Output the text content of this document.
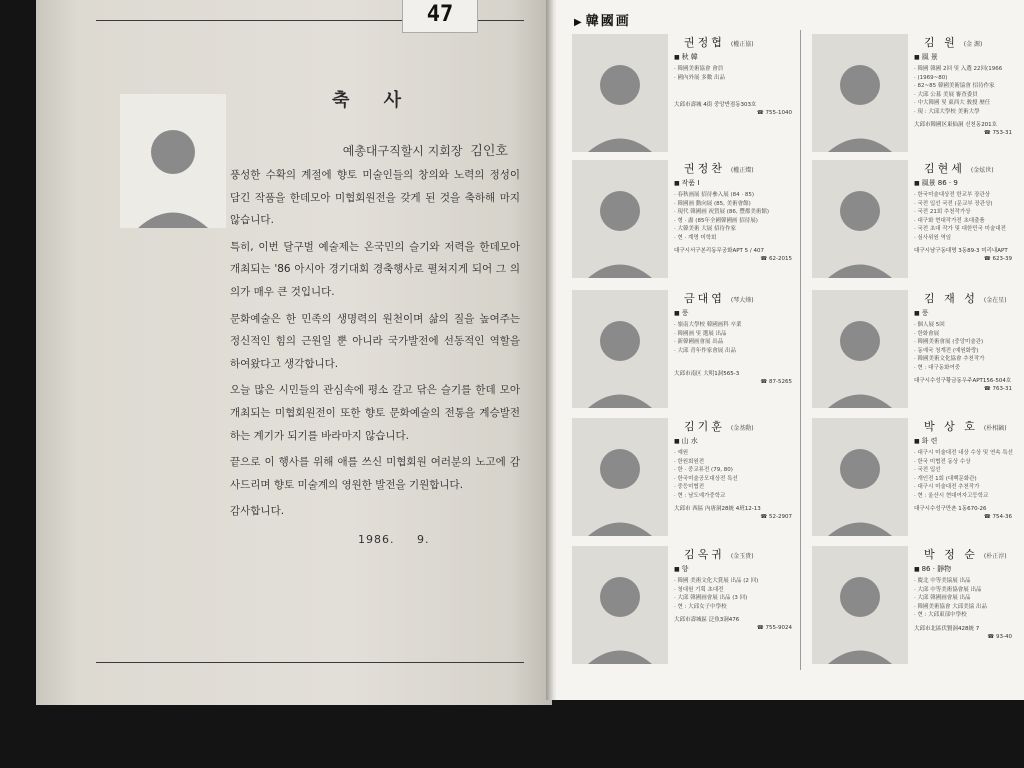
47
축 사
예총대구직할시 지회장 김인호

풍성한 수확의 계절에 향토 미술인들의 창의와 노력의 정성이 담긴 작품을 한데모아 미협회원전을 갖게 된 것을 축하해 마지않습니다.

특히, 이번 달구벌 예술제는 온국민의 슬기와 저력을 한데모아 개최되는 '86 아시아 경기대회 경축행사로 펼쳐지게 되어 그 의의가 매우 큰 것입니다.

문화예술은 한 민족의 생명력의 원천이며 삶의 질을 높여주는 정신적인 힘의 근원일 뿐 아니라 국가발전에 선동적인 역할을 하여왔다고 생각합니다.

오늘 많은 시민들의 관심속에 평소 갈고 닦은 슬기를 한데 모아 개최되는 미협회원전이 또한 향토 문화예술의 전통을 계승발전하는 계기가 되기를 바라마지 않습니다.

끝으로 이 행사를 위해 애를 쓰신 미협회원 여러분의 노고에 감사드리며 향토 미술계의 영원한 발전을 기원합니다.

감사합니다.

1986. 9.
▶ 韓國画
권정협 (權正協)
■ 秋 韓
· 韓國美術協會 會員
· 國內外展 多數 出品
大邱市壽城 4街 중앙반점동303호
☎ 755-1040
권정찬 (權正燦)
■ 작품 Ⅰ
· 春秋画展 招待參入展 (84 · 85)
· 韓國画 動向展 (85, 美術會館)
· 現代 韓國画 祝賀展 (86, 豐都美術館)
· 형 · 畵 (85年全國韓國画 招待展)
· 大韓美術 大展 招待作家
· 현 · 계명 미학회
대구시서구본리동무궁화APT 5 / 407
☎ 62-2015
금대엽 (琴大燁)
■ 풍
· 嶺南大學校 韓國画科 卒業
· 韓國画 및 選展 出品
· 新韓國画會展 出品
· 大邱 青年作家會展 出品
大邱市南区 大明1洞565-3
☎ 87-5265
김기훈 (金基勳)
■ 山 水
· 예원
· 한원회원전
· 한 · 중교류전 (79, 80)
· 한국미술공모대상전 특선
· 중등미협전
· 현 : 남도예가중학교
大邱市 西區 內唐洞28統 4班12-13
☎ 52-2907
김옥귀 (金玉貴)
■ 향
· 韓國 美術文化大賞展 出品 (2 回)
· 청대원 기획 초대전
· 大邱 韓國画會展 出品 (3 回)
· 현 : 大邱女子中學校
大邱市壽城區 泛魚3洞476
☎ 755-9024
김 원 (金 源)
■ 風 景
· 韓國 韓國 2回 및 入選 22回(1966
· (1969~80)
· 82~85 韓國美術協會 招待作家
· 大邱 公募 美展 審査委員
· 中大韓國 및 東西大 敎授 歴任
· 現 : 大邱大學校 美術大學
大邱市韓國区東仙洞 신천동201호
☎ 753-31
김현세 (金炫世)
■ 風景 86 · 9
· 한국미술대상전 한교부 장관상
· 국전 입선 국전 (문교부 장관상)
· 국전 21회 추천작가상
· 대구화 현대작가전 초대출품
· 국전 초대 작가 및 대한민국 미술대전
· 심사위원 역임
대구시남구동대명 3동89-3 미리내APT
☎ 623-39
김 재 성 (金在星)
■ 풍
· 個人展 5回
· 한화會展
· 韓國美術會展 (중앙미술관)
· 동예국 청계전 (예원화랑)
· 韓國美術文化協會 추천작가
· 현 : 대구동화여중
대구시수성구황금동우주APT156-504호
☎ 763-31
박 상 호 (朴相鎬)
■ 화 련
· 대구시 미술대전 내상 수상 및 연속 특선
· 한국 미협전 동상 수상
· 국전 입선
· 개인전 1회 (대백문화관)
· 대구시 미술대전 추천작가
· 현 : 울산시 현대여자고등학교
대구시수성구만촌 1동670-26
☎ 754-36
박 정 순 (朴正淳)
■ 86 · 靜物
· 慶北 中等美協展 出品
· 大邱 中等美術協會展 出品
· 大邱 韓國画會展 出品
· 韓國美術協會 大邱美協 出品
· 현 : 大邱東部中學校
大邱市北區伏賢洞428統 7
☎ 93-40
